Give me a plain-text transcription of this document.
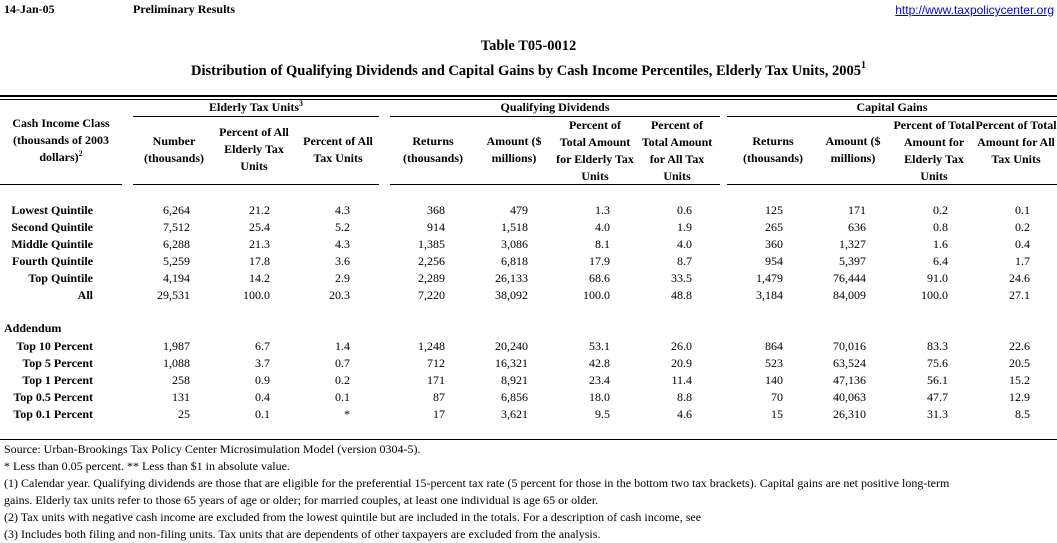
14-Jan-05	Preliminary Results	http://www.taxpolicycenter.org
Table T05-0012
Distribution of Qualifying Dividends and Capital Gains by Cash Income Percentiles, Elderly Tax Units, 2005$^1$
Elderly Tax Units$^3$	Qualifying Dividends	Capital Gains
Cash Income Class
(thousands of 2003
dollars)$^2$
Number (thousands)
Percent of All Elderly Tax Units
Percent of All Tax Units
Returns (thousands)
Amount ($ millions)
Percent of Total Amount for Elderly Tax Units
Percent of Total Amount for All Tax Units
Returns (thousands)
Amount ($ millions)
Percent of Total Amount for Elderly Tax Units
Percent of Total Amount for All Tax Units
Lowest Quintile	6,264	21.2	4.3	368	479	1.3	0.6	125	171	0.2	0.1
Second Quintile	7,512	25.4	5.2	914	1,518	4.0	1.9	265	636	0.8	0.2
Middle Quintile	6,288	21.3	4.3	1,385	3,086	8.1	4.0	360	1,327	1.6	0.4
Fourth Quintile	5,259	17.8	3.6	2,256	6,818	17.9	8.7	954	5,397	6.4	1.7
Top Quintile	4,194	14.2	2.9	2,289	26,133	68.6	33.5	1,479	76,444	91.0	24.6
All	29,531	100.0	20.3	7,220	38,092	100.0	48.8	3,184	84,009	100.0	27.1
Addendum
Top 10 Percent	1,987	6.7	1.4	1,248	20,240	53.1	26.0	864	70,016	83.3	22.6
Top 5 Percent	1,088	3.7	0.7	712	16,321	42.8	20.9	523	63,524	75.6	20.5
Top 1 Percent	258	0.9	0.2	171	8,921	23.4	11.4	140	47,136	56.1	15.2
Top 0.5 Percent	131	0.4	0.1	87	6,856	18.0	8.8	70	40,063	47.7	12.9
Top 0.1 Percent	25	0.1	*	17	3,621	9.5	4.6	15	26,310	31.3	8.5
Source: Urban-Brookings Tax Policy Center Microsimulation Model (version 0304-5).
* Less than 0.05 percent. ** Less than $1 in absolute value.
(1) Calendar year. Qualifying dividends are those that are eligible for the preferential 15-percent tax rate (5 percent for those in the bottom two tax brackets). Capital gains are net positive long-term
gains. Elderly tax units refer to those 65 years of age or older; for married couples, at least one individual is age 65 or older.
(2) Tax units with negative cash income are excluded from the lowest quintile but are included in the totals. For a description of cash income, see
(3) Includes both filing and non-filing units. Tax units that are dependents of other taxpayers are excluded from the analysis.
